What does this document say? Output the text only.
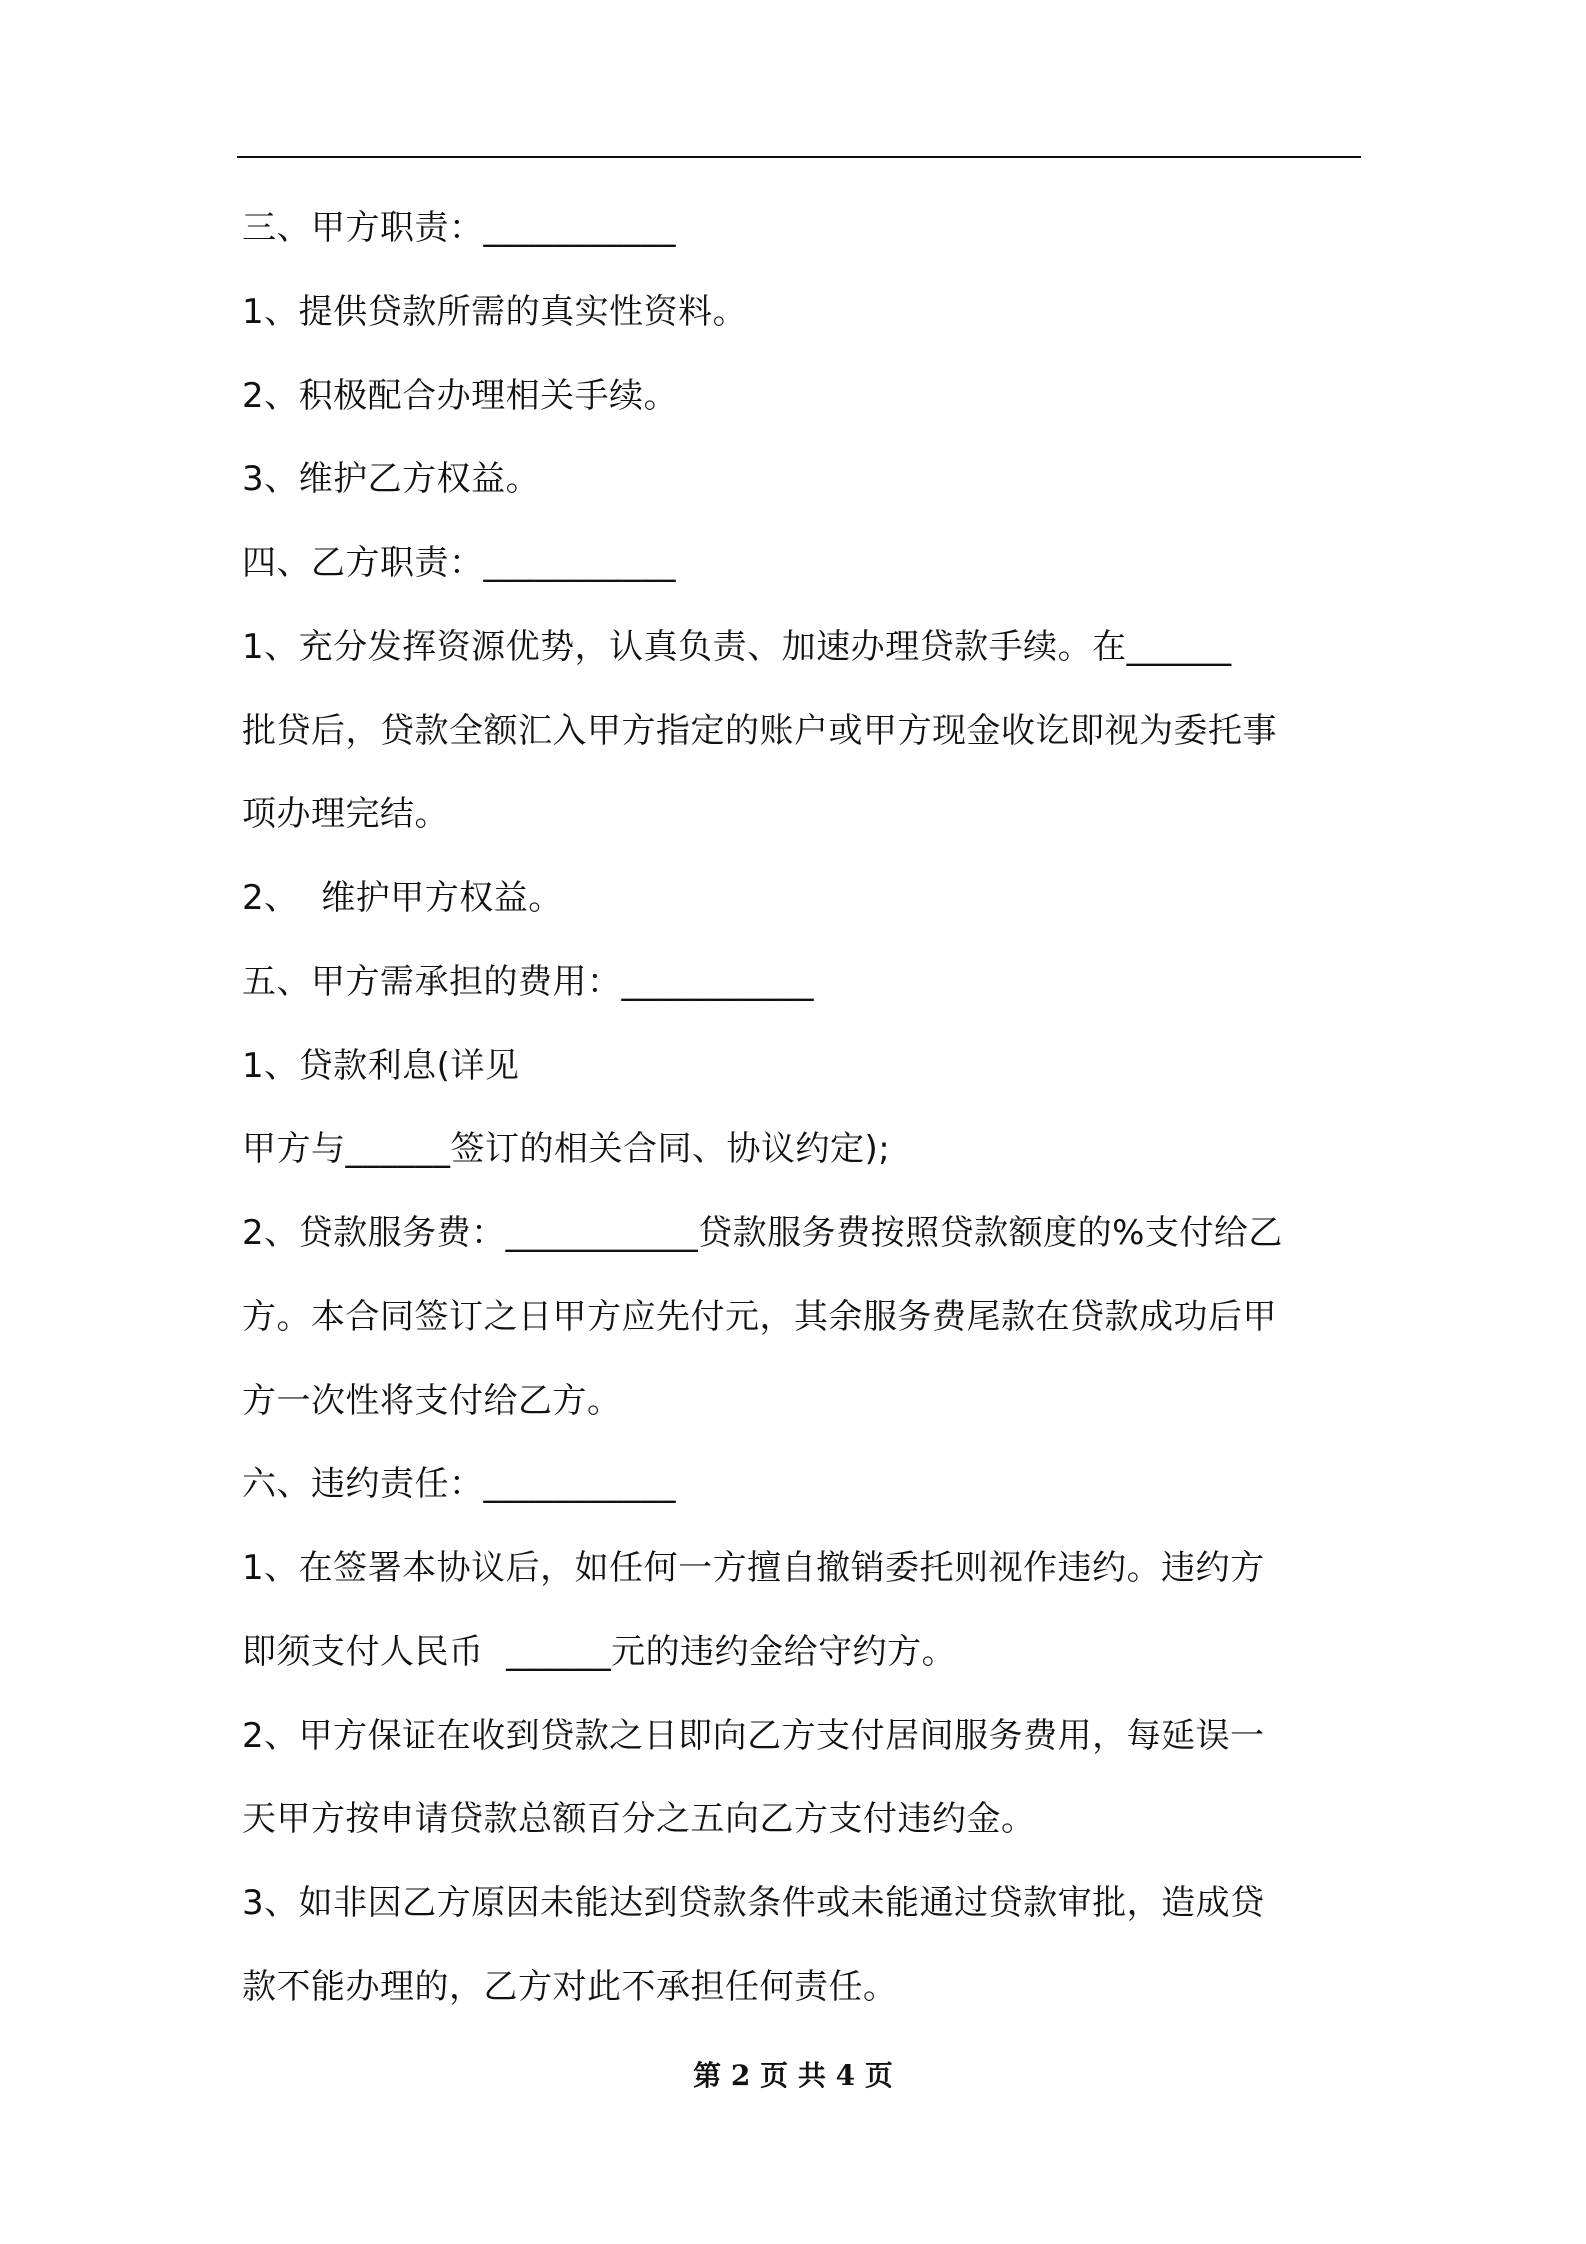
三、甲方职责：___________
1、提供贷款所需的真实性资料。
2、积极配合办理相关手续。
3、维护乙方权益。
四、乙方职责：___________
1、充分发挥资源优势，认真负责、加速办理贷款手续。在______
批贷后，贷款全额汇入甲方指定的账户或甲方现金收讫即视为委托事
项办理完结。
2、  维护甲方权益。
五、甲方需承担的费用：___________
1、贷款利息(详见
甲方与______签订的相关合同、协议约定);
2、贷款服务费：___________贷款服务费按照贷款额度的%支付给乙
方。本合同签订之日甲方应先付元，其余服务费尾款在贷款成功后甲
方一次性将支付给乙方。
六、违约责任：___________
1、在签署本协议后，如任何一方擅自撤销委托则视作违约。违约方
即须支付人民币  ______元的违约金给守约方。
2、甲方保证在收到贷款之日即向乙方支付居间服务费用，每延误一
天甲方按申请贷款总额百分之五向乙方支付违约金。
3、如非因乙方原因未能达到贷款条件或未能通过贷款审批，造成贷
款不能办理的，乙方对此不承担任何责任。
第 2 页 共 4 页
